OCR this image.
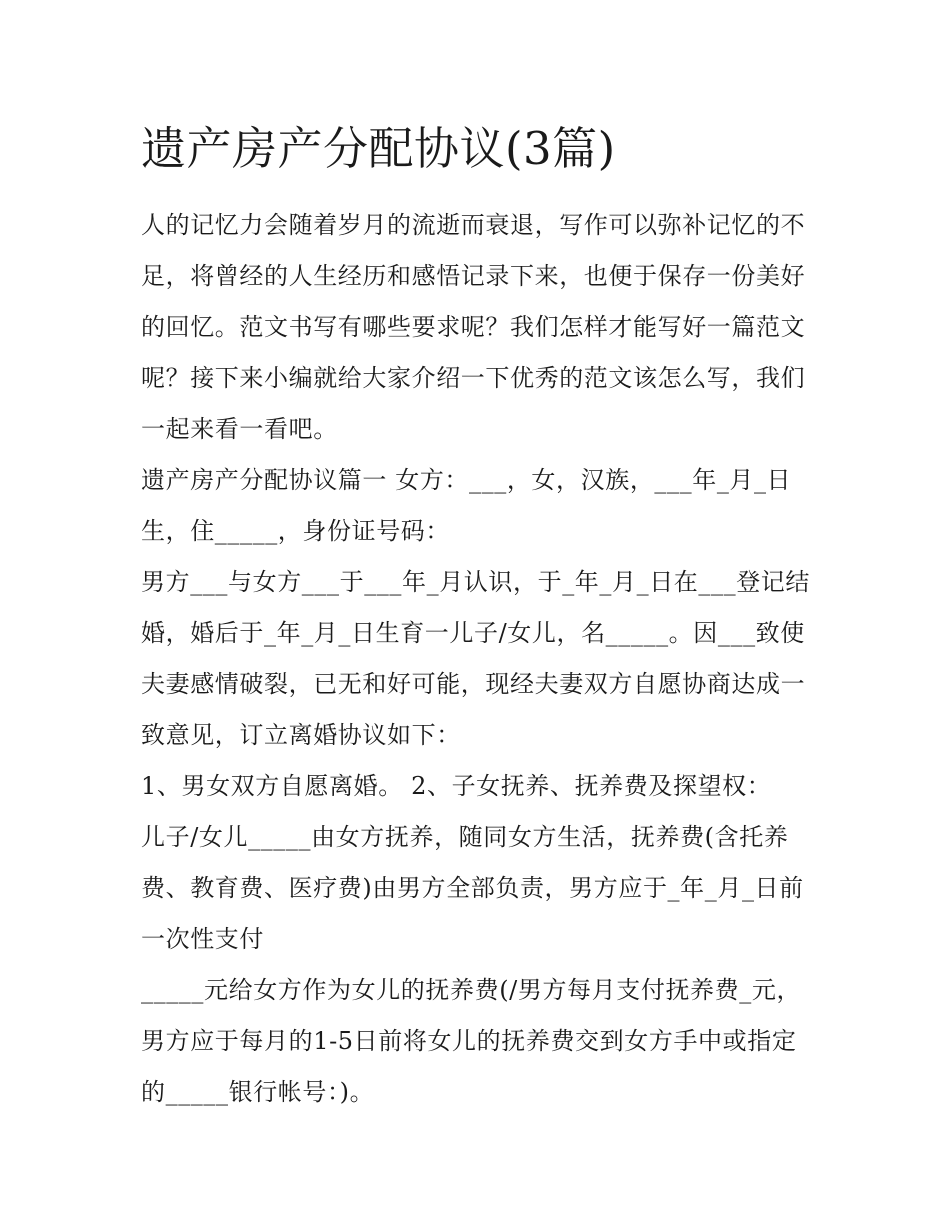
遗产房产分配协议(3篇)

人的记忆力会随着岁月的流逝而衰退，写作可以弥补记忆的不足，将曾经的人生经历和感悟记录下来，也便于保存一份美好的回忆。范文书写有哪些要求呢？我们怎样才能写好一篇范文呢？接下来小编就给大家介绍一下优秀的范文该怎么写，我们一起来看一看吧。

遗产房产分配协议篇一 女方：___，女，汉族，___年_月_日生，住_____，身份证号码：

男方___与女方___于___年_月认识，于_年_月_日在___登记结婚，婚后于_年_月_日生育一儿子/女儿，名_____。因___致使夫妻感情破裂，已无和好可能，现经夫妻双方自愿协商达成一致意见，订立离婚协议如下：

1、男女双方自愿离婚。 2、子女抚养、抚养费及探望权：

儿子/女儿_____由女方抚养，随同女方生活，抚养费(含托养费、教育费、医疗费)由男方全部负责，男方应于_年_月_日前一次性支付

_____元给女方作为女儿的抚养费(/男方每月支付抚养费_元，男方应于每月的1-5日前将女儿的抚养费交到女方手中或指定的_____银行帐号：)。
